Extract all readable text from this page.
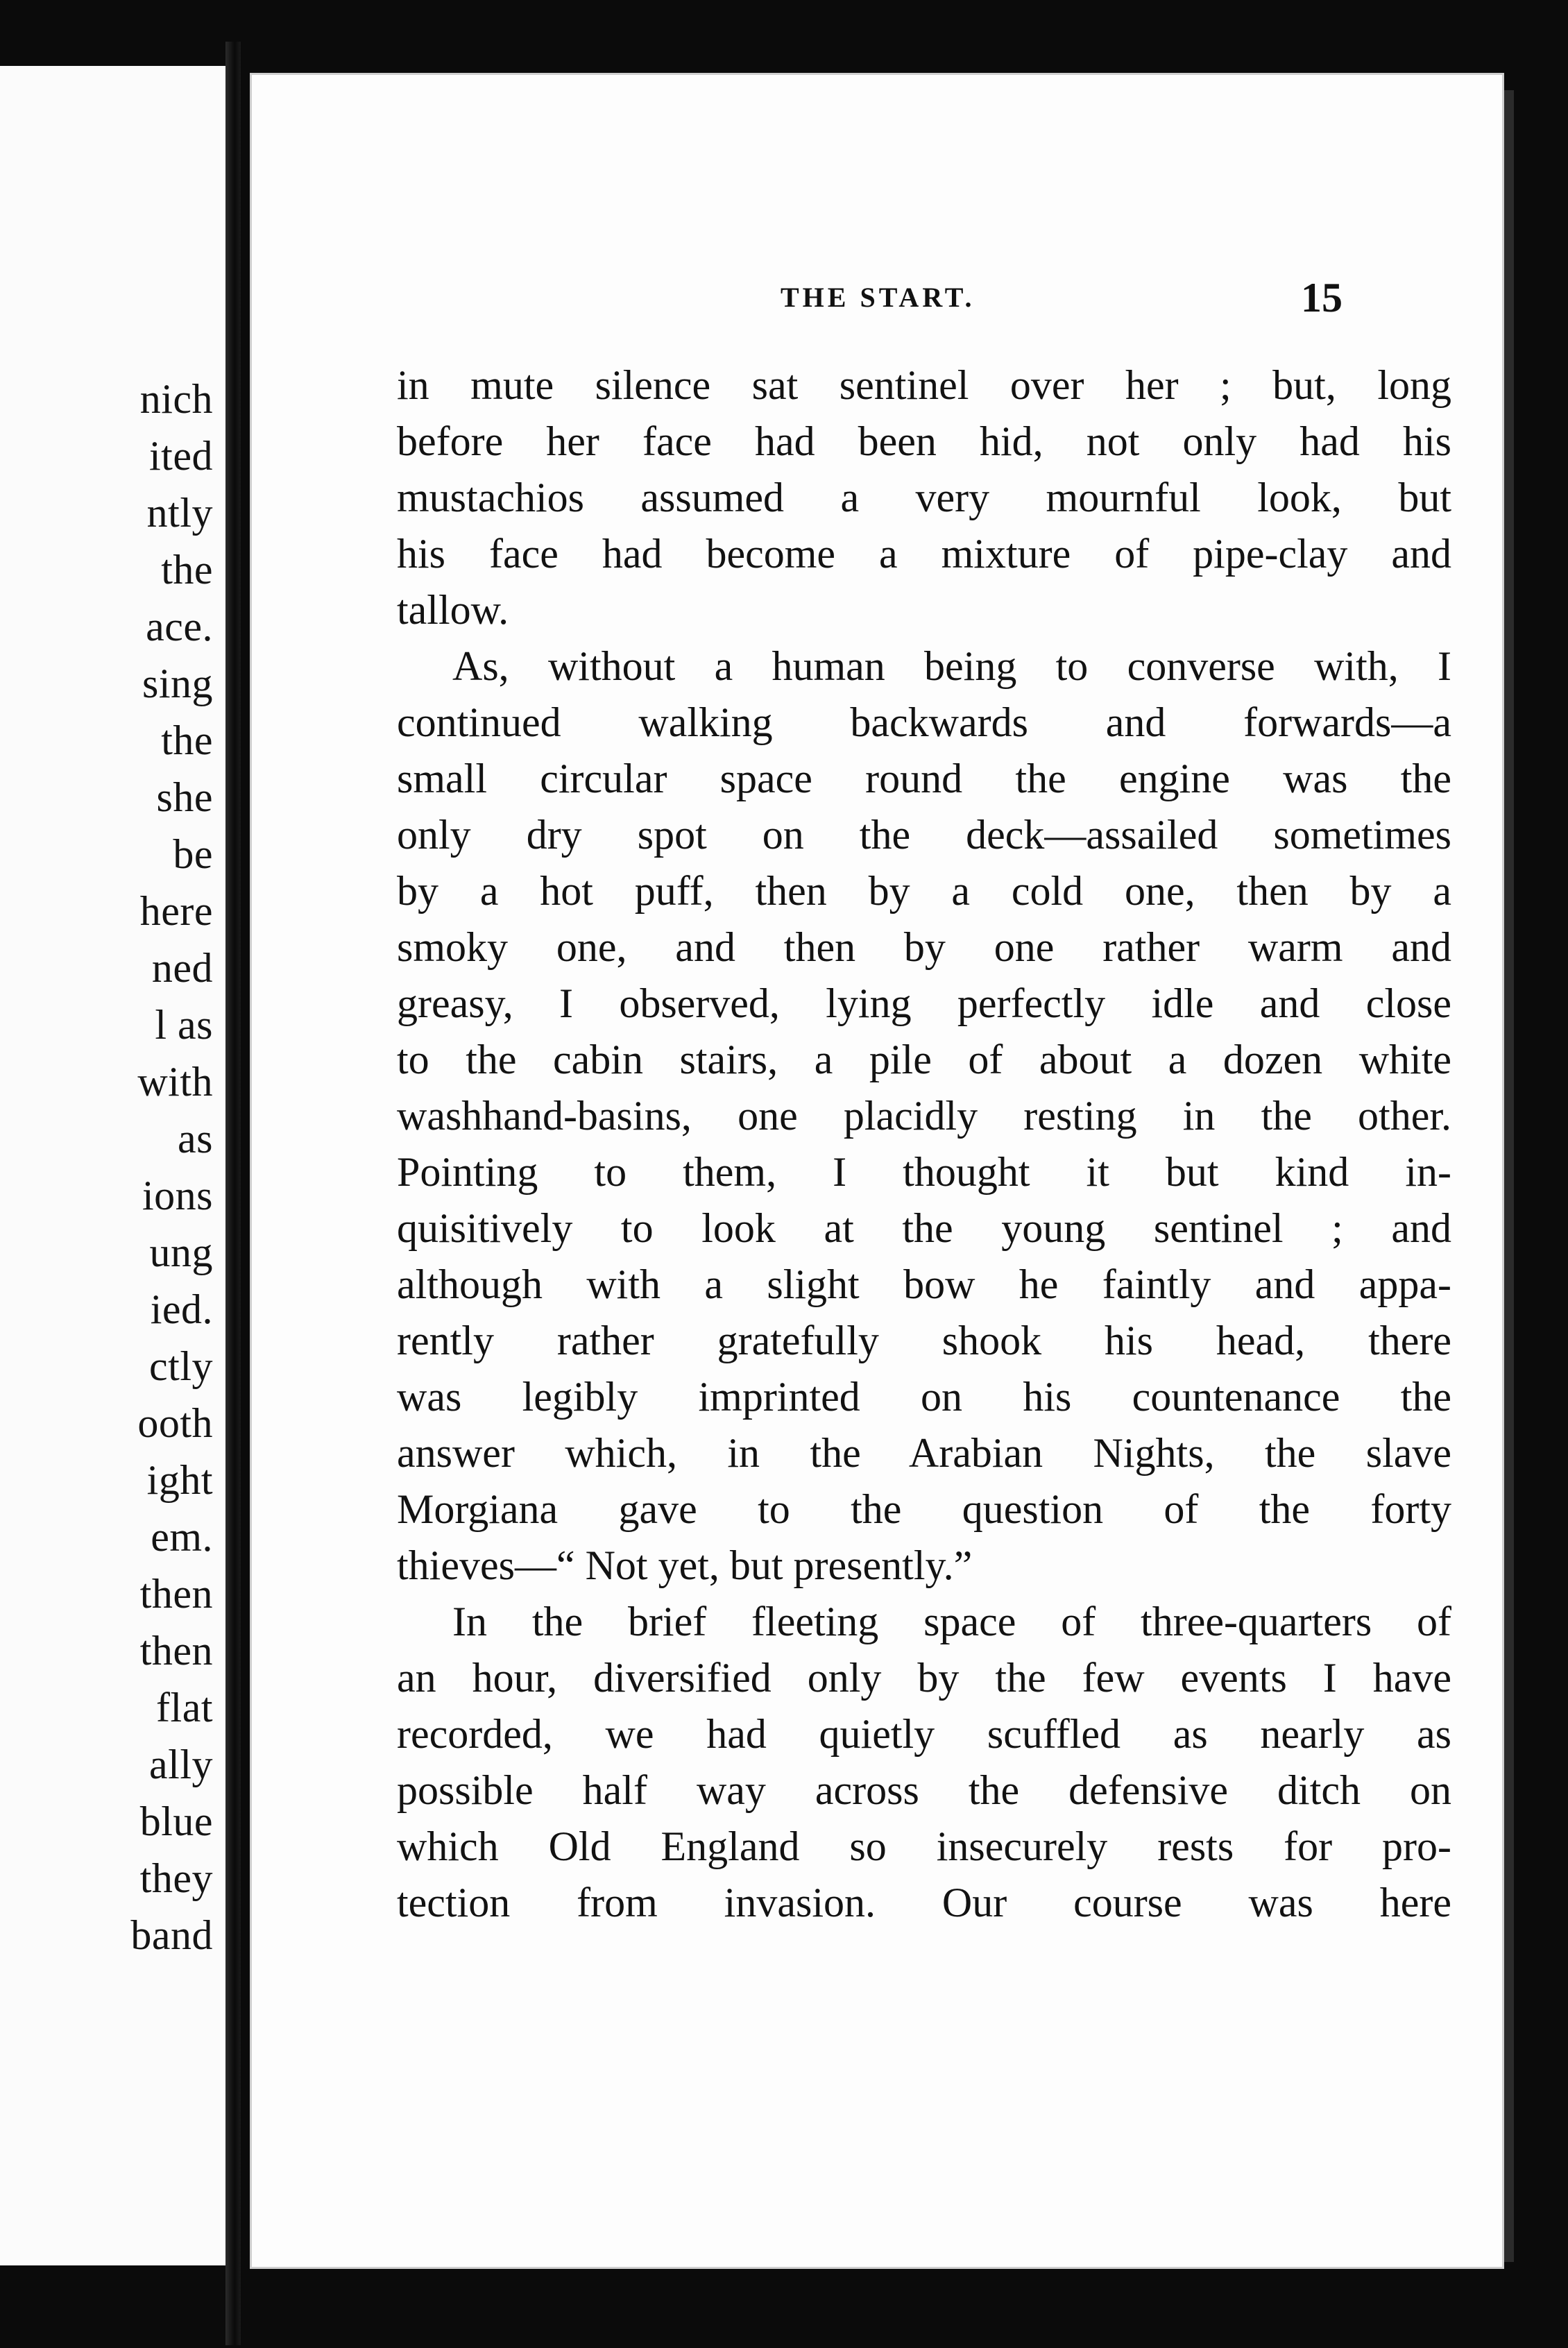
nich
ited
ntly
the
ace.
sing
the
she
be
here
ned
l as
with
as
ions
ung
ied.
ctly
ooth
ight
em.
then
then
flat
ally
blue
they
band
THE START.	15
in mute silence sat sentinel over her ; but, long
before her face had been hid, not only had his
mustachios assumed a very mournful look, but
his face had become a mixture of pipe-clay and
tallow.
As, without a human being to converse with, I
continued walking backwards and forwards—a
small circular space round the engine was the
only dry spot on the deck—assailed sometimes
by a hot puff, then by a cold one, then by a
smoky one, and then by one rather warm and
greasy, I observed, lying perfectly idle and close
to the cabin stairs, a pile of about a dozen white
washhand-basins, one placidly resting in the other.
Pointing to them, I thought it but kind in-
quisitively to look at the young sentinel ; and
although with a slight bow he faintly and appa-
rently rather gratefully shook his head, there
was legibly imprinted on his countenance the
answer which, in the Arabian Nights, the slave
Morgiana gave to the question of the forty
thieves—“ Not yet, but presently.”
In the brief fleeting space of three-quarters of
an hour, diversified only by the few events I have
recorded, we had quietly scuffled as nearly as
possible half way across the defensive ditch on
which Old England so insecurely rests for pro-
tection from invasion. Our course was here
